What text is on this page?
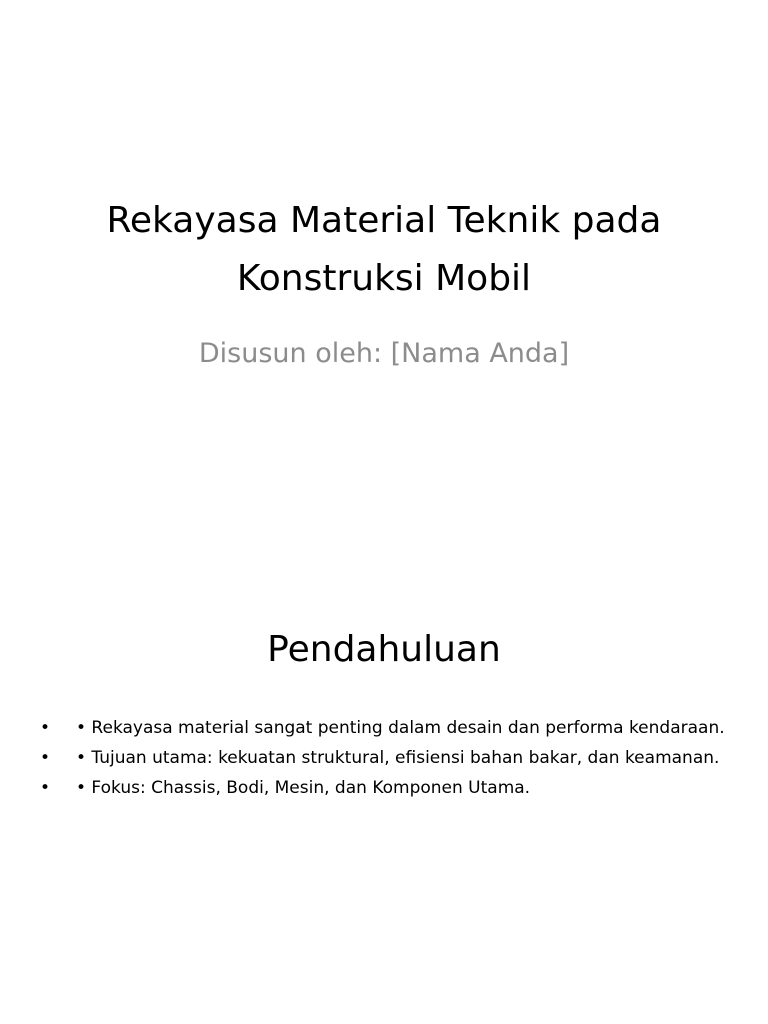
Rekayasa Material Teknik pada
Konstruksi Mobil
Disusun oleh: [Nama Anda]
Pendahuluan
•	• Rekayasa material sangat penting dalam desain dan performa kendaraan.
•	• Tujuan utama: kekuatan struktural, efisiensi bahan bakar, dan keamanan.
•	• Fokus: Chassis, Bodi, Mesin, dan Komponen Utama.
